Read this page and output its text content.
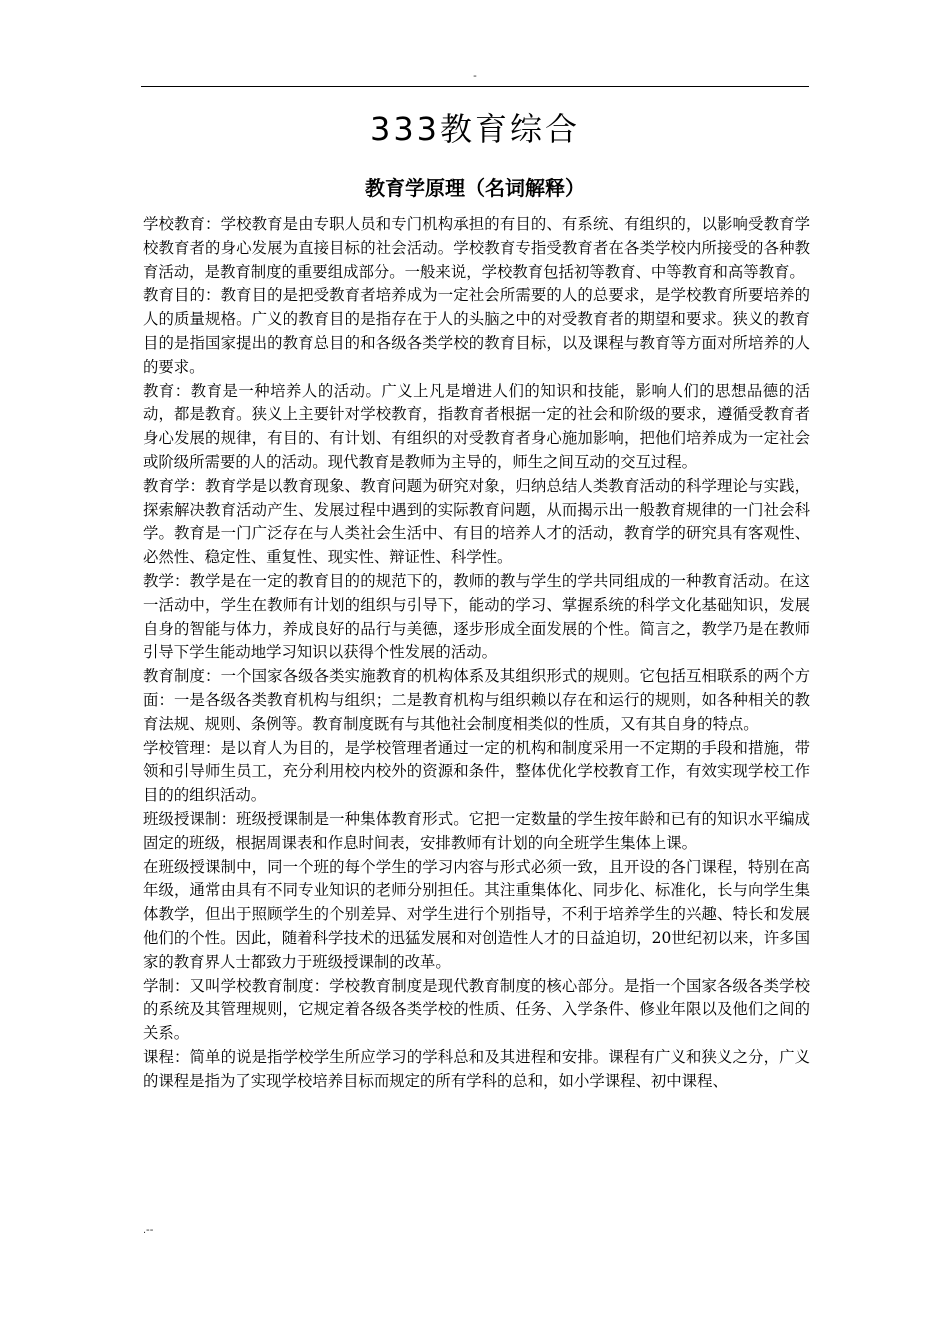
-
333教育综合
教育学原理（名词解释）

学校教育：学校教育是由专职人员和专门机构承担的有目的、有系统、有组织的，以影响受教育学校教育者的身心发展为直接目标的社会活动。学校教育专指受教育者在各类学校内所接受的各种教育活动，是教育制度的重要组成部分。一般来说，学校教育包括初等教育、中等教育和高等教育。

教育目的：教育目的是把受教育者培养成为一定社会所需要的人的总要求，是学校教育所要培养的人的质量规格。广义的教育目的是指存在于人的头脑之中的对受教育者的期望和要求。狭义的教育目的是指国家提出的教育总目的和各级各类学校的教育目标，以及课程与教育等方面对所培养的人的要求。

教育：教育是一种培养人的活动。广义上凡是增进人们的知识和技能，影响人们的思想品德的活动，都是教育。狭义上主要针对学校教育，指教育者根据一定的社会和阶级的要求，遵循受教育者身心发展的规律，有目的、有计划、有组织的对受教育者身心施加影响，把他们培养成为一定社会或阶级所需要的人的活动。现代教育是教师为主导的，师生之间互动的交互过程。

教育学：教育学是以教育现象、教育问题为研究对象，归纳总结人类教育活动的科学理论与实践，探索解决教育活动产生、发展过程中遇到的实际教育问题，从而揭示出一般教育规律的一门社会科学。教育是一门广泛存在与人类社会生活中、有目的培养人才的活动，教育学的研究具有客观性、必然性、稳定性、重复性、现实性、辩证性、科学性。

教学：教学是在一定的教育目的的规范下的，教师的教与学生的学共同组成的一种教育活动。在这一活动中，学生在教师有计划的组织与引导下，能动的学习、掌握系统的科学文化基础知识，发展自身的智能与体力，养成良好的品行与美德，逐步形成全面发展的个性。简言之，教学乃是在教师引导下学生能动地学习知识以获得个性发展的活动。

教育制度：一个国家各级各类实施教育的机构体系及其组织形式的规则。它包括互相联系的两个方面：一是各级各类教育机构与组织；二是教育机构与组织赖以存在和运行的规则，如各种相关的教育法规、规则、条例等。教育制度既有与其他社会制度相类似的性质，又有其自身的特点。

学校管理：是以育人为目的，是学校管理者通过一定的机构和制度采用一不定期的手段和措施，带领和引导师生员工，充分利用校内校外的资源和条件，整体优化学校教育工作，有效实现学校工作目的的组织活动。

班级授课制：班级授课制是一种集体教育形式。它把一定数量的学生按年龄和已有的知识水平编成固定的班级，根据周课表和作息时间表，安排教师有计划的向全班学生集体上课。

在班级授课制中，同一个班的每个学生的学习内容与形式必须一致，且开设的各门课程，特别在高年级，通常由具有不同专业知识的老师分别担任。其注重集体化、同步化、标准化，长与向学生集体教学，但出于照顾学生的个别差异、对学生进行个别指导，不利于培养学生的兴趣、特长和发展他们的个性。因此，随着科学技术的迅猛发展和对创造性人才的日益迫切，20世纪初以来，许多国家的教育界人士都致力于班级授课制的改革。

学制：又叫学校教育制度：学校教育制度是现代教育制度的核心部分。是指一个国家各级各类学校的系统及其管理规则，它规定着各级各类学校的性质、任务、入学条件、修业年限以及他们之间的关系。

课程：简单的说是指学校学生所应学习的学科总和及其进程和安排。课程有广义和狭义之分，广义的课程是指为了实现学校培养目标而规定的所有学科的总和，如小学课程、初中课程、

.--
